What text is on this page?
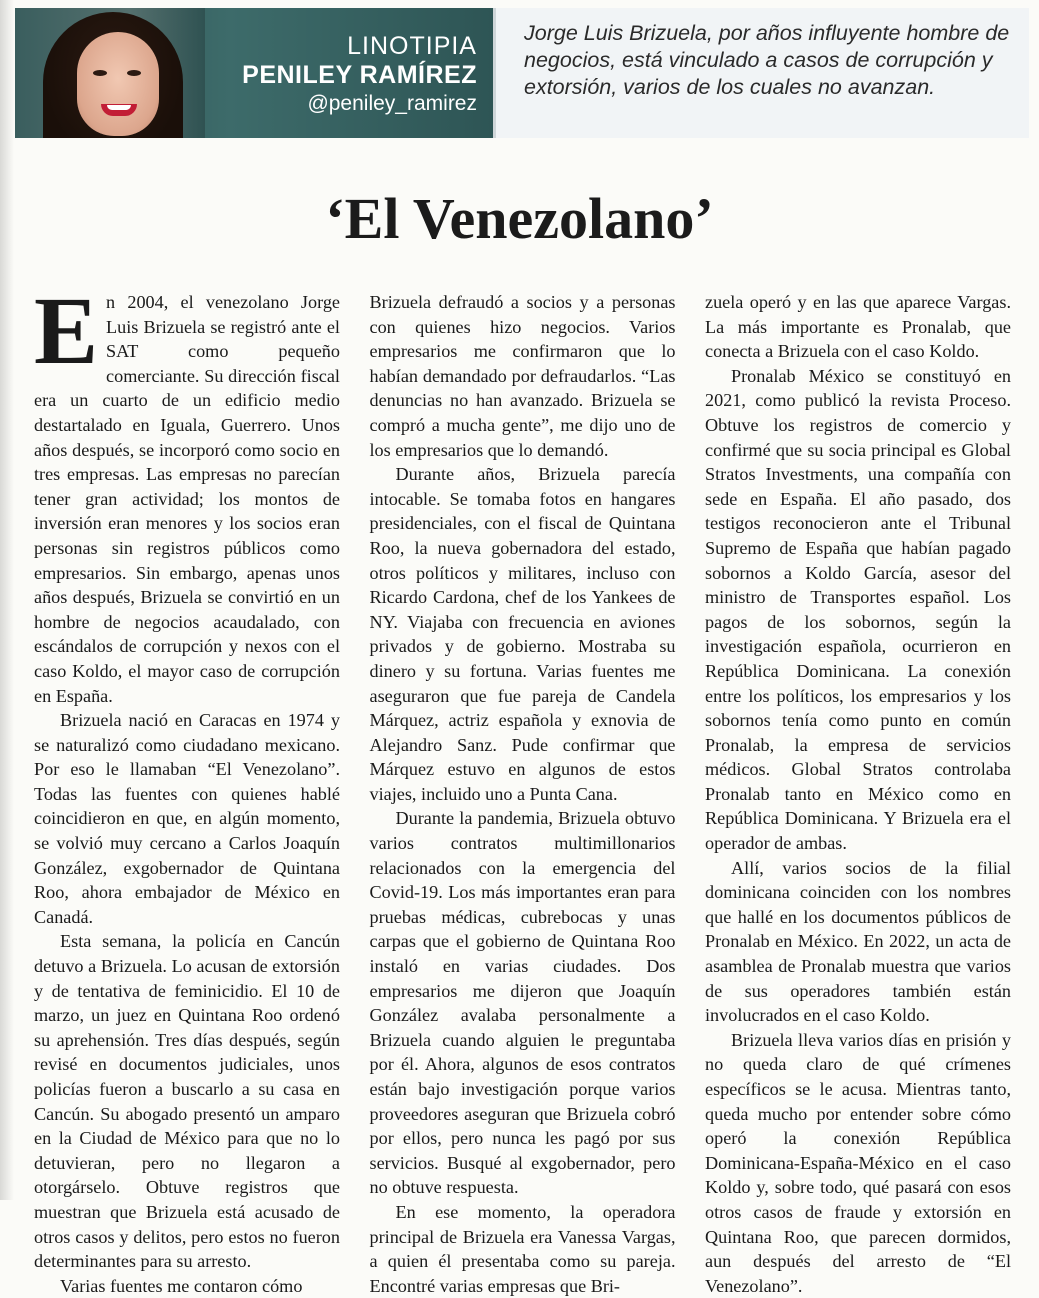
LINOTIPIA

PENILEY RAMÍREZ

@peniley_ramirez

Jorge Luis Brizuela, por años influyente hombre de negocios, está vinculado a casos de corrupción y extorsión, varios de los cuales no avanzan.
‘El Venezolano’

En 2004, el venezolano Jorge Luis Brizuela se registró ante el SAT como pequeño comerciante. Su dirección fiscal era un cuarto de un edificio medio destartalado en Iguala, Guerrero. Unos años después, se incorporó como socio en tres empresas. Las empresas no parecían tener gran actividad; los montos de inversión eran menores y los socios eran personas sin registros públicos como empresarios. Sin embargo, apenas unos años después, Brizuela se convirtió en un hombre de negocios acaudalado, con escándalos de corrupción y nexos con el caso Koldo, el mayor caso de corrupción en España.

Brizuela nació en Caracas en 1974 y se naturalizó como ciudadano mexicano. Por eso le llamaban “El Venezolano”. Todas las fuentes con quienes hablé coincidieron en que, en algún momento, se volvió muy cercano a Carlos Joaquín González, exgobernador de Quintana Roo, ahora embajador de México en Canadá.

Esta semana, la policía en Cancún detuvo a Brizuela. Lo acusan de extorsión y de tentativa de feminicidio. El 10 de marzo, un juez en Quintana Roo ordenó su aprehensión. Tres días después, según revisé en documentos judiciales, unos policías fueron a buscarlo a su casa en Cancún. Su abogado presentó un amparo en la Ciudad de México para que no lo detuvieran, pero no llegaron a otorgárselo. Obtuve registros que muestran que Brizuela está acusado de otros casos y delitos, pero estos no fueron determinantes para su arresto.

Varias fuentes me contaron cómo

Brizuela defraudó a socios y a personas con quienes hizo negocios. Varios empresarios me confirmaron que lo habían demandado por defraudarlos. “Las denuncias no han avanzado. Brizuela se compró a mucha gente”, me dijo uno de los empresarios que lo demandó.

Durante años, Brizuela parecía intocable. Se tomaba fotos en hangares presidenciales, con el fiscal de Quintana Roo, la nueva gobernadora del estado, otros políticos y militares, incluso con Ricardo Cardona, chef de los Yankees de NY. Viajaba con frecuencia en aviones privados y de gobierno. Mostraba su dinero y su fortuna. Varias fuentes me aseguraron que fue pareja de Candela Márquez, actriz española y exnovia de Alejandro Sanz. Pude confirmar que Márquez estuvo en algunos de estos viajes, incluido uno a Punta Cana.

Durante la pandemia, Brizuela obtuvo varios contratos multimillonarios relacionados con la emergencia del Covid-19. Los más importantes eran para pruebas médicas, cubrebocas y unas carpas que el gobierno de Quintana Roo instaló en varias ciudades. Dos empresarios me dijeron que Joaquín González avalaba personalmente a Brizuela cuando alguien le preguntaba por él. Ahora, algunos de esos contratos están bajo investigación porque varios proveedores aseguran que Brizuela cobró por ellos, pero nunca les pagó por sus servicios. Busqué al exgobernador, pero no obtuve respuesta.

En ese momento, la operadora principal de Brizuela era Vanessa Vargas, a quien él presentaba como su pareja. Encontré varias empresas que Bri-

zuela operó y en las que aparece Vargas. La más importante es Pronalab, que conecta a Brizuela con el caso Koldo.

Pronalab México se constituyó en 2021, como publicó la revista Proceso. Obtuve los registros de comercio y confirmé que su socia principal es Global Stratos Investments, una compañía con sede en España. El año pasado, dos testigos reconocieron ante el Tribunal Supremo de España que habían pagado sobornos a Koldo García, asesor del ministro de Transportes español. Los pagos de los sobornos, según la investigación española, ocurrieron en República Dominicana. La conexión entre los políticos, los empresarios y los sobornos tenía como punto en común Pronalab, la empresa de servicios médicos. Global Stratos controlaba Pronalab tanto en México como en República Dominicana. Y Brizuela era el operador de ambas.

Allí, varios socios de la filial dominicana coinciden con los nombres que hallé en los documentos públicos de Pronalab en México. En 2022, un acta de asamblea de Pronalab muestra que varios de sus operadores también están involucrados en el caso Koldo.

Brizuela lleva varios días en prisión y no queda claro de qué crímenes específicos se le acusa. Mientras tanto, queda mucho por entender sobre cómo operó la conexión República Dominicana-España-México en el caso Koldo y, sobre todo, qué pasará con esos otros casos de fraude y extorsión en Quintana Roo, que parecen dormidos, aun después del arresto de “El Venezolano”.
